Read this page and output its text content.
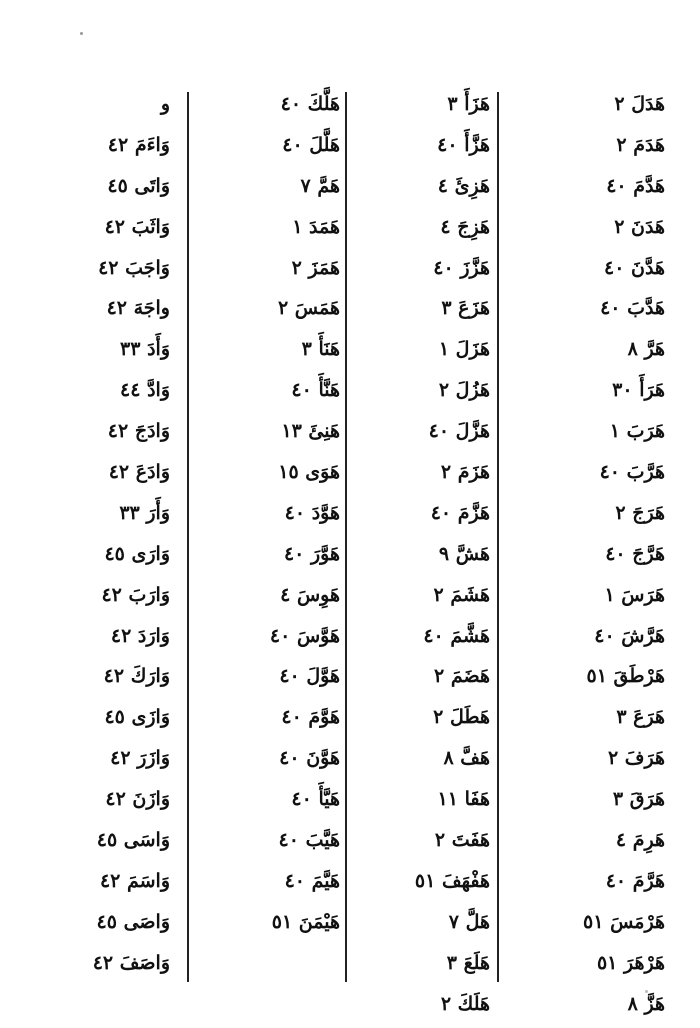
هَدَلَ ٢
هَدَمَ ٢
هَدَّمَ ٤٠
هَدَنَ ٢
هَدَّنَ ٤٠
هَدَّبَ ٤٠
هَرَّ ٨
هَرَأَ ٣٠
هَرَبَ ١
هَرَّبَ ٤٠
هَرَجَ ٢
هَرَّجَ ٤٠
هَرَسَ ١
هَرَّشَ ٤٠
هَرْطَقَ ٥١
هَرَعَ ٣
هَرَفَ ٢
هَرَقَ ٣
هَرِمَ ٤
هَرَّمَ ٤٠
هَرْمَسَ ٥١
هَرْهَرَ ٥١
هَزَّ ٨
هَزَأَ ٣
هَزَّأَ ٤٠
هَزِئَ ٤
هَزِجَ ٤
هَزَّزَ ٤٠
هَزَعَ ٣
هَزَلَ ١
هَزُلَ ٢
هَزَّلَ ٤٠
هَزَمَ ٢
هَزَّمَ ٤٠
هَشَّ ٩
هَشَمَ ٢
هَشَّمَ ٤٠
هَضَمَ ٢
هَطَلَ ٢
هَفَّ ٨
هَفَا ١١
هَفَتَ ٢
هَفْهَفَ ٥١
هَلَّ ٧
هَلَعَ ٣
هَلَكَ ٢
هَلَّكَ ٤٠
هَلَّلَ ٤٠
هَمَّ ٧
هَمَدَ ١
هَمَزَ ٢
هَمَسَ ٢
هَنَأَ ٣
هَنَّأَ ٤٠
هَنِئَ ١٣
هَوَى ١٥
هَوَّدَ ٤٠
هَوَّرَ ٤٠
هَوِسَ ٤
هَوَّسَ ٤٠
هَوَّلَ ٤٠
هَوَّمَ ٤٠
هَوَّنَ ٤٠
هَيَّأَ ٤٠
هَيَّبَ ٤٠
هَيَّمَ ٤٠
هَيْمَنَ ٥١
و
وَاءَمَ ٤٢
وَاتَى ٤٥
وَاثَبَ ٤٢
وَاجَبَ ٤٢
واجَهَ ٤٢
وَأَدَ ٣٣
وَادَّ ٤٤
وَادَجَ ٤٢
وَادَعَ ٤٢
وَأَرَ ٣٣
وَارَى ٤٥
وَارَبَ ٤٢
وَارَدَ ٤٢
وَارَكَ ٤٢
وَازَى ٤٥
وَازَرَ ٤٢
وَازَنَ ٤٢
وَاسَى ٤٥
وَاسَمَ ٤٢
وَاصَى ٤٥
وَاصَفَ ٤٢
